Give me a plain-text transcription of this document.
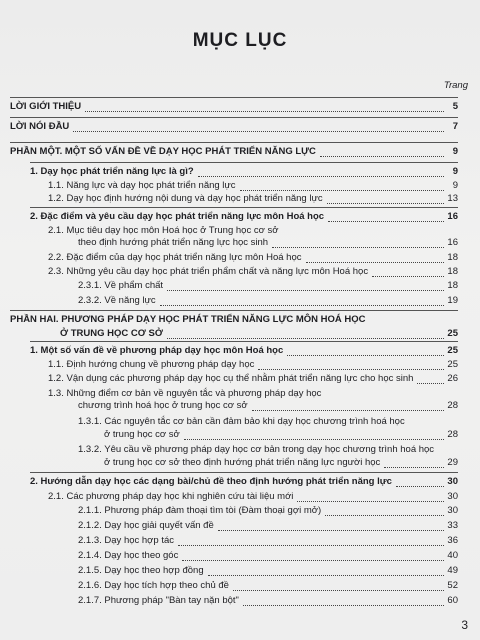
MỤC LỤC
Trang
LỜI GIỚI THIỆU	5
LỜI NÓI ĐẦU	7
PHẦN MỘT. MỘT SỐ VẤN ĐỀ VỀ DẠY HỌC PHÁT TRIỂN NĂNG LỰC	9
1. Dạy học phát triển năng lực là gì?	9
1.1. Năng lực và dạy học phát triển năng lực	9
1.2. Dạy học định hướng nội dung và dạy học phát triển năng lực	13
2. Đặc điểm và yêu cầu dạy học phát triển năng lực môn Hoá học	16
2.1. Mục tiêu dạy học môn Hoá học ở Trung học cơ sở
theo định hướng phát triển năng lực học sinh	16
2.2. Đặc điểm của dạy học phát triển năng lực môn Hoá học	18
2.3. Những yêu cầu dạy học phát triển phẩm chất và năng lực môn Hoá học	18
2.3.1. Về phẩm chất	18
2.3.2. Về năng lực	19
PHẦN HAI. PHƯƠNG PHÁP DẠY HỌC PHÁT TRIỂN NĂNG LỰC MÔN HOÁ HỌC
Ở TRUNG HỌC CƠ SỞ	25
1. Một số vấn đề về phương pháp dạy học môn Hoá học	25
1.1. Định hướng chung về phương pháp dạy học	25
1.2. Vận dụng các phương pháp dạy học cụ thể nhằm phát triển năng lực cho học sinh	26
1.3. Những điểm cơ bản về nguyên tắc và phương pháp dạy học
chương trình hoá học ở trung học cơ sở	28
1.3.1. Các nguyên tắc cơ bản cần đảm bảo khi dạy học chương trình hoá học
ở trung học cơ sở	28
1.3.2. Yêu cầu về phương pháp dạy học cơ bản trong dạy học chương trình hoá học
ở trung học cơ sở theo định hướng phát triển năng lực người học	29
2. Hướng dẫn dạy học các dạng bài/chủ đề theo định hướng phát triển năng lực	30
2.1. Các phương pháp dạy học khi nghiên cứu tài liệu mới	30
2.1.1. Phương pháp đàm thoại tìm tòi (Đàm thoại gợi mở)	30
2.1.2. Dạy học giải quyết vấn đề	33
2.1.3. Dạy học hợp tác	36
2.1.4. Dạy học theo góc	40
2.1.5. Dạy học theo hợp đồng	49
2.1.6. Dạy học tích hợp theo chủ đề	52
2.1.7. Phương pháp "Bàn tay nặn bột"	60
3
